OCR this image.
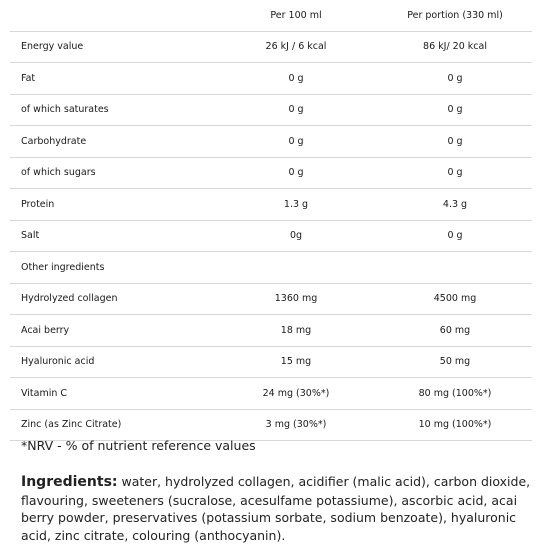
	Per 100 ml	Per portion (330 ml)
Energy value	26 kJ / 6 kcal	86 kJ/ 20 kcal
Fat	0 g	0 g
of which saturates	0 g	0 g
Carbohydrate	0 g	0 g
of which sugars	0 g	0 g
Protein	1.3 g	4.3 g
Salt	0g	0 g
Other ingredients		
Hydrolyzed collagen	1360 mg	4500 mg
Acai berry	18 mg	60 mg
Hyaluronic acid	15 mg	50 mg
Vitamin C	24 mg (30%*)	80 mg (100%*)
Zinc (as Zinc Citrate)	3 mg (30%*)	10 mg (100%*)
*NRV - % of nutrient reference values
Ingredients: water, hydrolyzed collagen, acidifier (malic acid), carbon dioxide, flavouring, sweeteners (sucralose, acesulfame potassiume), ascorbic acid, acai berry powder, preservatives (potassium sorbate, sodium benzoate), hyaluronic acid, zinc citrate, colouring (anthocyanin).
